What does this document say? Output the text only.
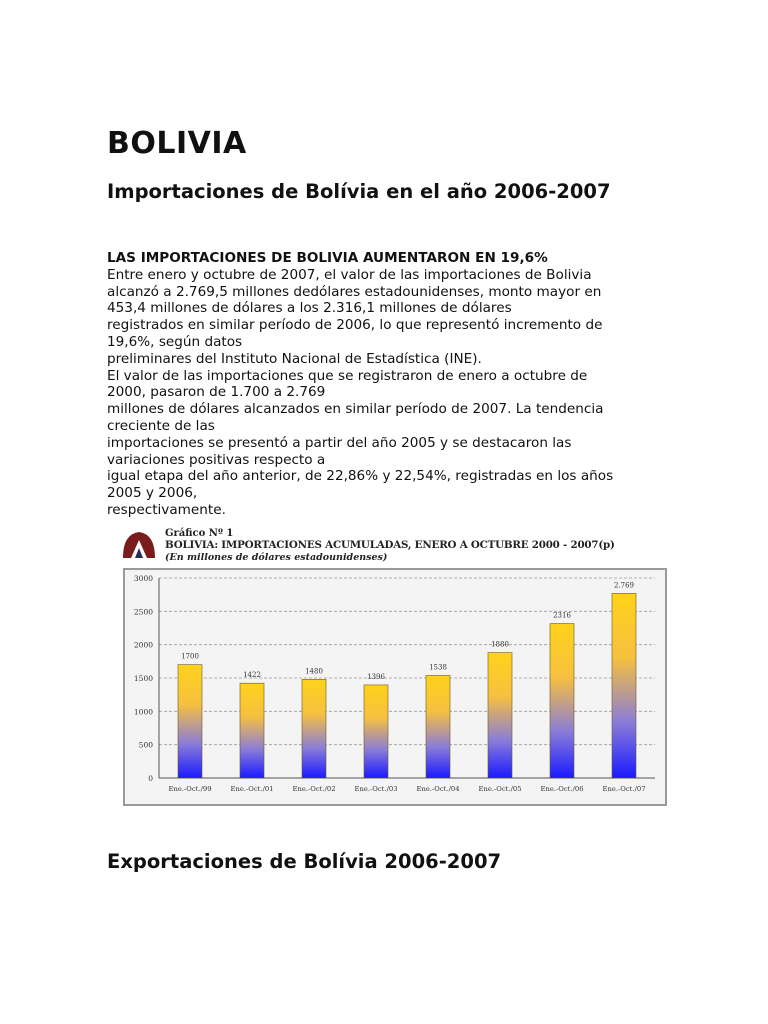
BOLIVIA
Importaciones de Bolívia en el año 2006-2007
LAS IMPORTACIONES DE BOLIVIA AUMENTARON EN 19,6%
Entre enero y octubre de 2007, el valor de las importaciones de Bolivia
alcanzó a 2.769,5 millones dedólares estadounidenses, monto mayor en
453,4 millones de dólares a los 2.316,1 millones de dólares
registrados en similar período de 2006, lo que representó incremento de
19,6%, según datos
preliminares del Instituto Nacional de Estadística (INE).
El valor de las importaciones que se registraron de enero a octubre de
2000, pasaron de 1.700 a 2.769
millones de dólares alcanzados en similar período de 2007. La tendencia
creciente de las
importaciones se presentó a partir del año 2005 y se destacaron las
variaciones positivas respecto a
igual etapa del año anterior, de 22,86% y 22,54%, registradas en los años
2005 y 2006,
respectivamente.
Gráfico Nº 1
BOLIVIA: IMPORTACIONES ACUMULADAS, ENERO A OCTUBRE 2000 - 2007(p)
(En millones de dólares estadounidenses)
0
500
1000
1500
2000
2500
3000
1700
Ene.-Oct./99
1422
Ene.-Oct./01
1480
Ene.-Oct./02
1396
Ene.-Oct./03
1538
Ene.-Oct./04
1880
Ene.-Oct./05
2316
Ene.-Oct./06
2.769
Ene.-Oct./07
Exportaciones de Bolívia 2006-2007
